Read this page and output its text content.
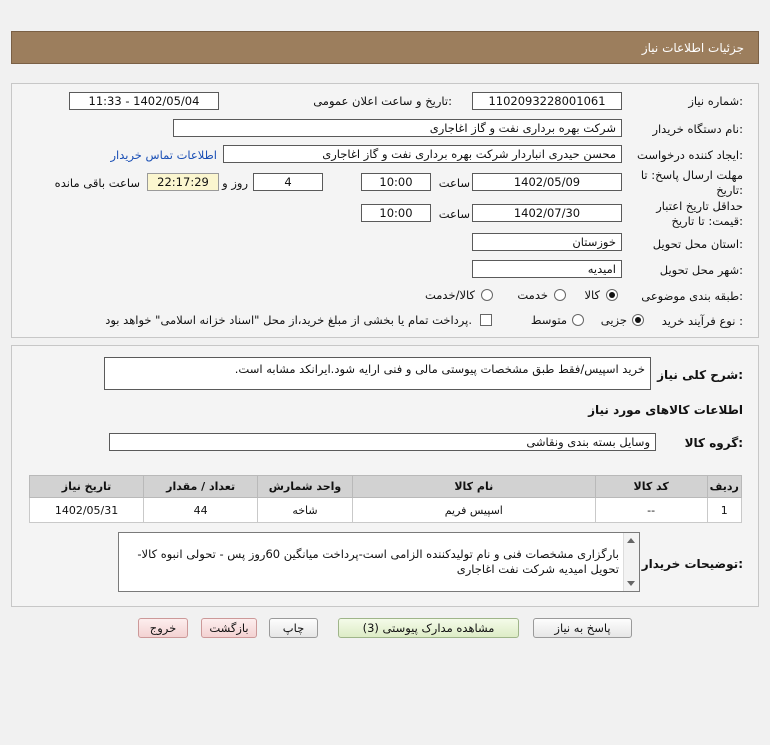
جزئیات اطلاعات نیاز
شماره نیاز:
1102093228001061
تاریخ و ساعت اعلان عمومی:
1402/05/04 - 11:33
نام دستگاه خریدار:
شرکت بهره برداری نفت و گاز اغاجاری
ایجاد کننده درخواست:
محسن حیدری انباردار شرکت بهره برداری نفت و گاز اغاجاری
اطلاعات تماس خریدار
مهلت ارسال پاسخ: تا
تاریخ:
1402/05/09
ساعت
10:00
4
روز و
22:17:29
ساعت باقی مانده
حداقل تاریخ اعتبار
قیمت: تا تاریخ:
1402/07/30
ساعت
10:00
استان محل تحویل:
خوزستان
شهر محل تحویل:
امیدیه
طبقه بندی موضوعی:
کالا
خدمت
کالا/خدمت
نوع فرآیند خرید :
جزیی
متوسط
پرداخت تمام یا بخشی از مبلغ خرید،از محل "اسناد خزانه اسلامی" خواهد بود.
شرح کلی نیاز:
خرید اسپیس/فقط طبق مشخصات پیوستی مالی و فنی ارایه شود.ایرانکد مشابه است.
اطلاعات کالاهای مورد نیاز
گروه کالا:
وسایل بسته بندی ونقاشی
ردیف	کد کالا	نام کالا	واحد شمارش	تعداد / مقدار	تاریخ نیاز
1	--	اسپیس فریم	شاخه	44	1402/05/31
توضیحات خریدار:
بارگزاری مشخصات فنی و نام تولیدکننده الزامی است-پرداخت میانگین 60روز پس - تحولی انبوه کالا- تحویل امیدیه شرکت نفت اغاجاری
پاسخ به نیاز
مشاهده مدارک پیوستی (3)
چاپ
بازگشت
خروج
